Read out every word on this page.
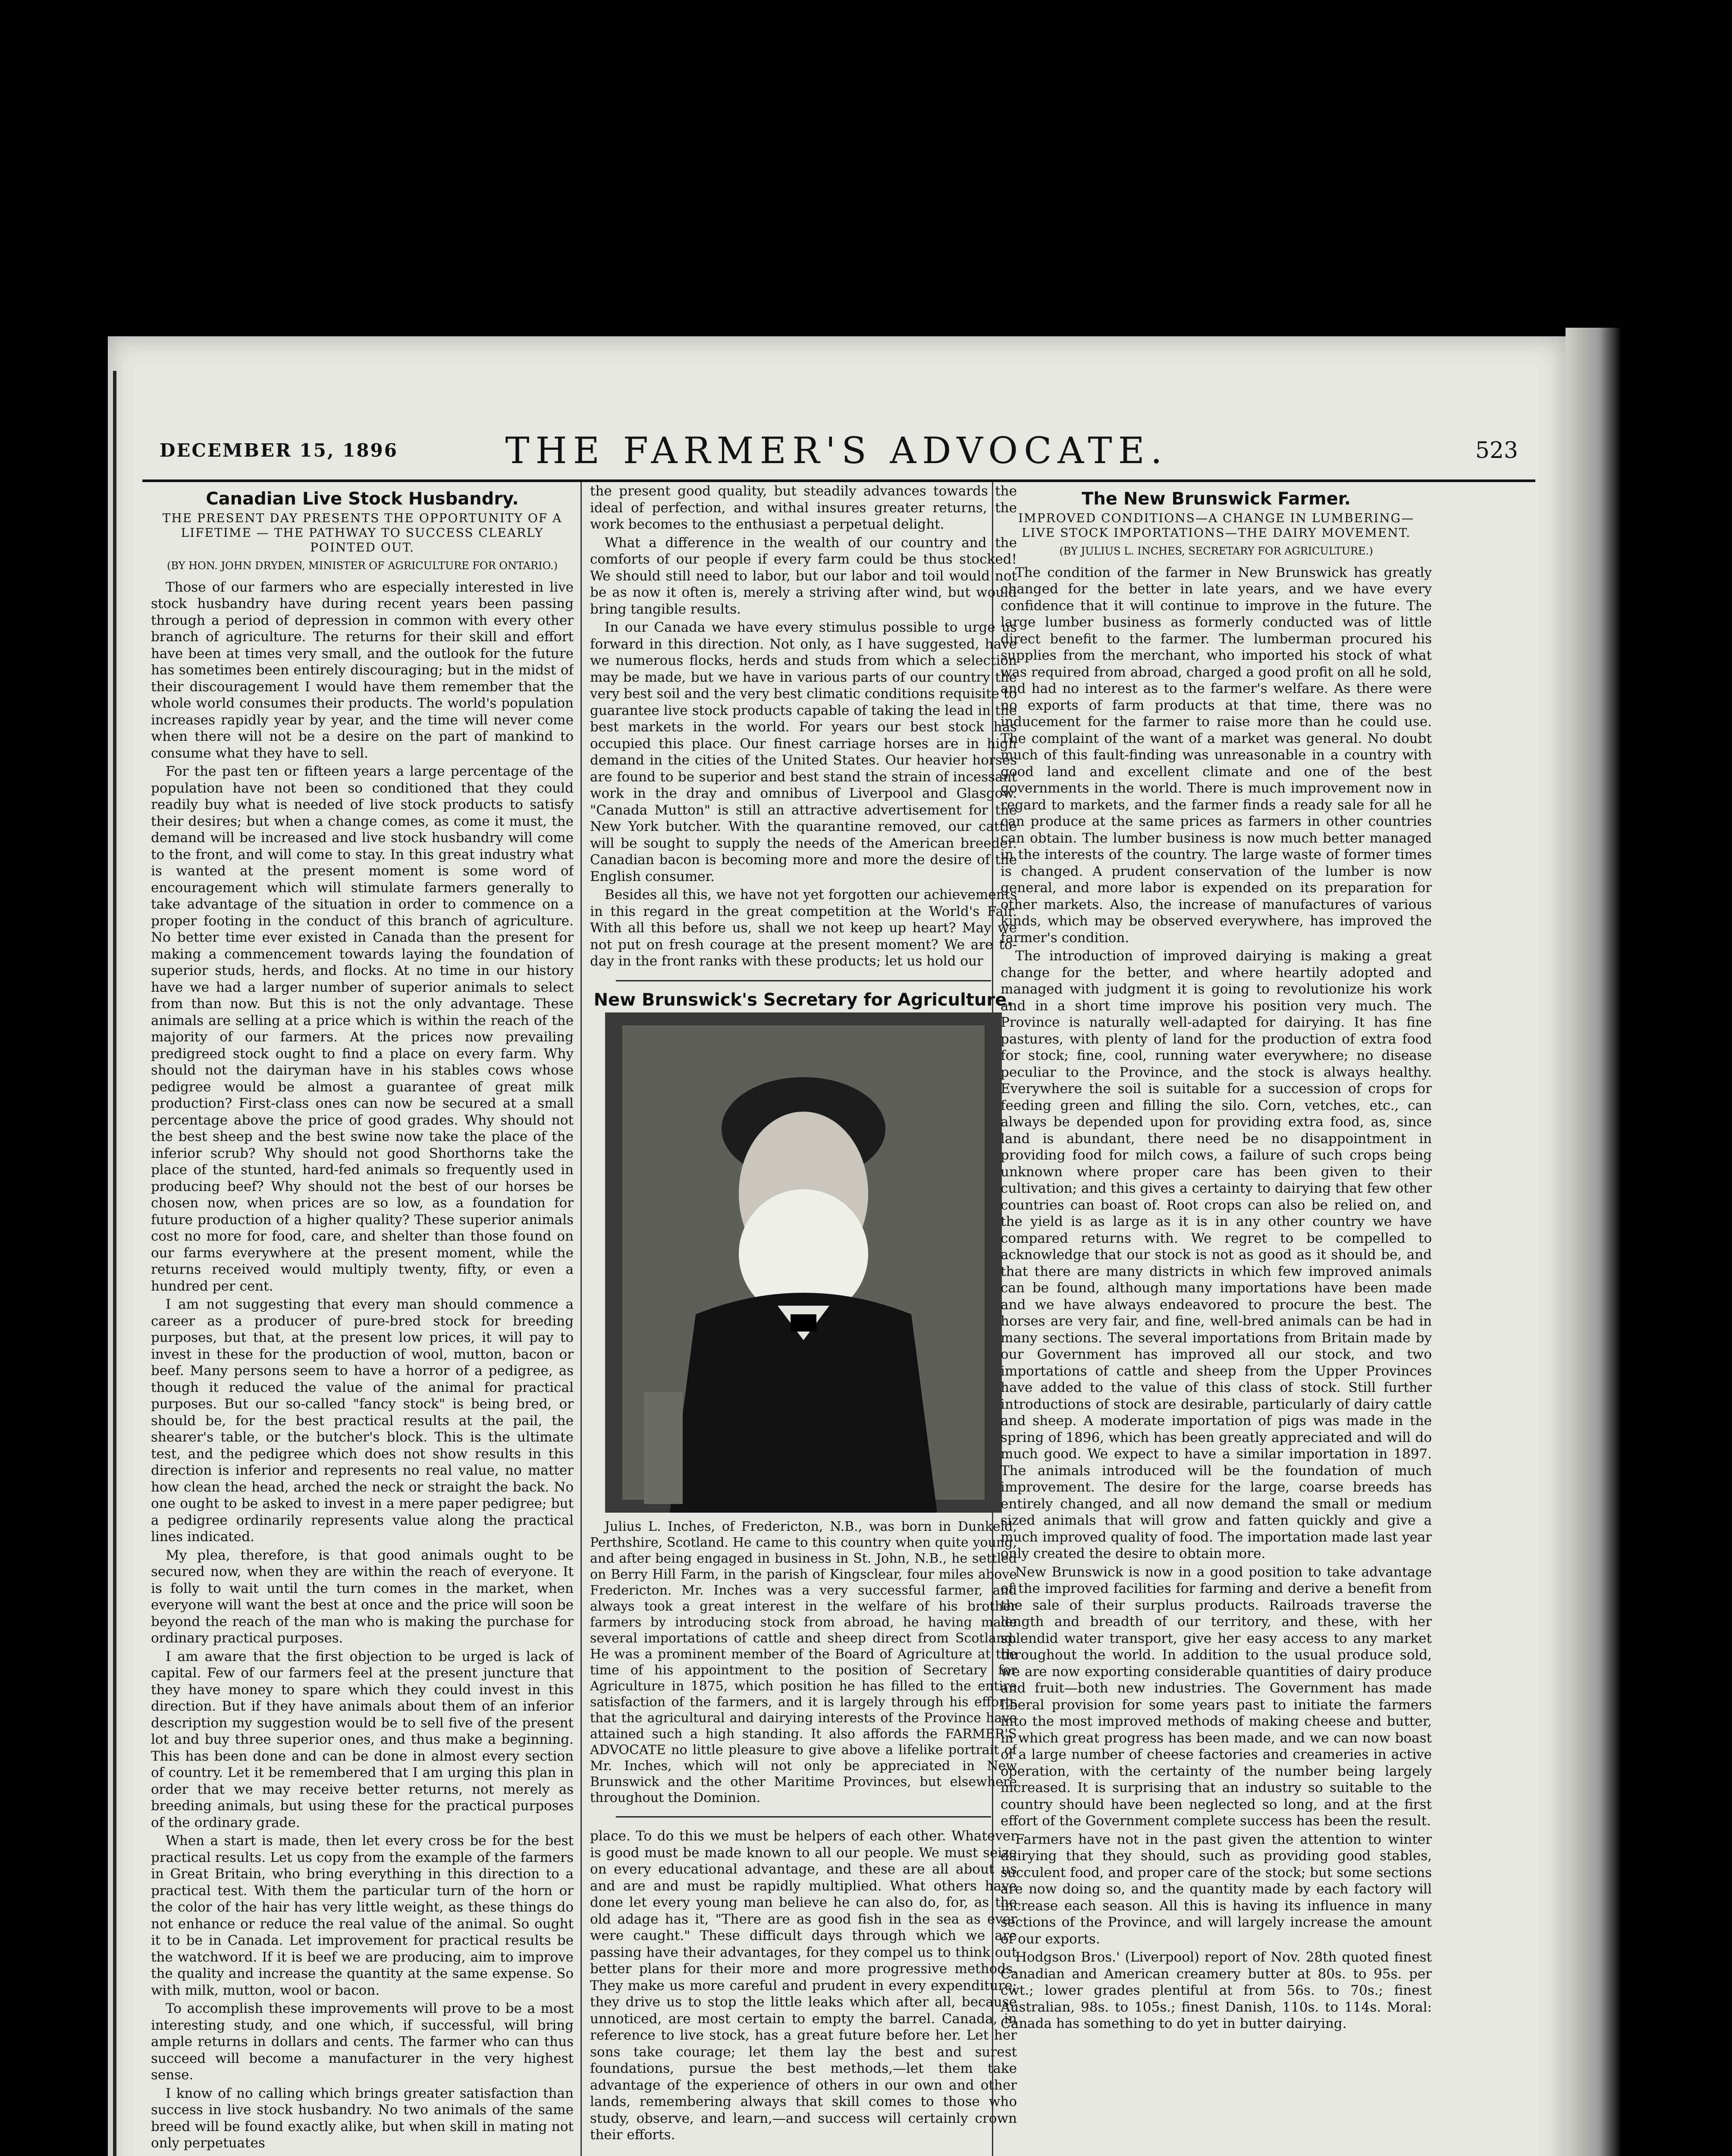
DECEMBER 15, 1896	THE FARMER'S ADVOCATE.	523
Canadian Live Stock Husbandry.
THE PRESENT DAY PRESENTS THE OPPORTUNITY OF A LIFETIME — THE PATHWAY TO SUCCESS CLEARLY POINTED OUT.
(BY HON. JOHN DRYDEN, MINISTER OF AGRICULTURE FOR ONTARIO.)

Those of our farmers who are especially interested in live stock husbandry have during recent years been passing through a period of depression in common with every other branch of agriculture. The returns for their skill and effort have been at times very small, and the outlook for the future has sometimes been entirely discouraging; but in the midst of their discouragement I would have them remember that the whole world consumes their products. The world's population increases rapidly year by year, and the time will never come when there will not be a desire on the part of mankind to consume what they have to sell.

For the past ten or fifteen years a large percentage of the population have not been so conditioned that they could readily buy what is needed of live stock products to satisfy their desires; but when a change comes, as come it must, the demand will be increased and live stock husbandry will come to the front, and will come to stay. In this great industry what is wanted at the present moment is some word of encouragement which will stimulate farmers generally to take advantage of the situation in order to commence on a proper footing in the conduct of this branch of agriculture. No better time ever existed in Canada than the present for making a commencement towards laying the foundation of superior studs, herds, and flocks. At no time in our history have we had a larger number of superior animals to select from than now. But this is not the only advantage. These animals are selling at a price which is within the reach of the majority of our farmers. At the prices now prevailing predigreed stock ought to find a place on every farm. Why should not the dairyman have in his stables cows whose pedigree would be almost a guarantee of great milk production? First-class ones can now be secured at a small percentage above the price of good grades. Why should not the best sheep and the best swine now take the place of the inferior scrub? Why should not good Shorthorns take the place of the stunted, hard-fed animals so frequently used in producing beef? Why should not the best of our horses be chosen now, when prices are so low, as a foundation for future production of a higher quality? These superior animals cost no more for food, care, and shelter than those found on our farms everywhere at the present moment, while the returns received would multiply twenty, fifty, or even a hundred per cent.

I am not suggesting that every man should commence a career as a producer of pure-bred stock for breeding purposes, but that, at the present low prices, it will pay to invest in these for the production of wool, mutton, bacon or beef. Many persons seem to have a horror of a pedigree, as though it reduced the value of the animal for practical purposes. But our so-called "fancy stock" is being bred, or should be, for the best practical results at the pail, the shearer's table, or the butcher's block. This is the ultimate test, and the pedigree which does not show results in this direction is inferior and represents no real value, no matter how clean the head, arched the neck or straight the back. No one ought to be asked to invest in a mere paper pedigree; but a pedigree ordinarily represents value along the practical lines indicated.

My plea, therefore, is that good animals ought to be secured now, when they are within the reach of everyone. It is folly to wait until the turn comes in the market, when everyone will want the best at once and the price will soon be beyond the reach of the man who is making the purchase for ordinary practical purposes.

I am aware that the first objection to be urged is lack of capital. Few of our farmers feel at the present juncture that they have money to spare which they could invest in this direction. But if they have animals about them of an inferior description my suggestion would be to sell five of the present lot and buy three superior ones, and thus make a beginning. This has been done and can be done in almost every section of country. Let it be remembered that I am urging this plan in order that we may receive better returns, not merely as breeding animals, but using these for the practical purposes of the ordinary grade.

When a start is made, then let every cross be for the best practical results. Let us copy from the example of the farmers in Great Britain, who bring everything in this direction to a practical test. With them the particular turn of the horn or the color of the hair has very little weight, as these things do not enhance or reduce the real value of the animal. So ought it to be in Canada. Let improvement for practical results be the watchword. If it is beef we are producing, aim to improve the quality and increase the quantity at the same expense. So with milk, mutton, wool or bacon.

To accomplish these improvements will prove to be a most interesting study, and one which, if successful, will bring ample returns in dollars and cents. The farmer who can thus succeed will become a manufacturer in the very highest sense.

I know of no calling which brings greater satisfaction than success in live stock husbandry. No two animals of the same breed will be found exactly alike, but when skill in mating not only perpetuates

the present good quality, but steadily advances towards the ideal of perfection, and withal insures greater returns, the work becomes to the enthusiast a perpetual delight.

What a difference in the wealth of our country and the comforts of our people if every farm could be thus stocked! We should still need to labor, but our labor and toil would not be as now it often is, merely a striving after wind, but would bring tangible results.

In our Canada we have every stimulus possible to urge us forward in this direction. Not only, as I have suggested, have we numerous flocks, herds and studs from which a selection may be made, but we have in various parts of our country the very best soil and the very best climatic conditions requisite to guarantee live stock products capable of taking the lead in the best markets in the world. For years our best stock has occupied this place. Our finest carriage horses are in high demand in the cities of the United States. Our heavier horses are found to be superior and best stand the strain of incessant work in the dray and omnibus of Liverpool and Glasgow. "Canada Mutton" is still an attractive advertisement for the New York butcher. With the quarantine removed, our cattle will be sought to supply the needs of the American breeder. Canadian bacon is becoming more and more the desire of the English consumer.

Besides all this, we have not yet forgotten our achievements in this regard in the great competition at the World's Fair. With all this before us, shall we not keep up heart? May we not put on fresh courage at the present moment? We are to-day in the front ranks with these products; let us hold our

New Brunswick's Secretary for Agriculture.
Julius L. Inches, of Fredericton, N.B., was born in Dunkeld, Perthshire, Scotland. He came to this country when quite young, and after being engaged in business in St. John, N.B., he settled on Berry Hill Farm, in the parish of Kingsclear, four miles above Fredericton. Mr. Inches was a very successful farmer, and always took a great interest in the welfare of his brother farmers by introducing stock from abroad, he having made several importations of cattle and sheep direct from Scotland. He was a prominent member of the Board of Agriculture at the time of his appointment to the position of Secretary for Agriculture in 1875, which position he has filled to the entire satisfaction of the farmers, and it is largely through his efforts that the agricultural and dairying interests of the Province have attained such a high standing. It also affords the FARMER'S ADVOCATE no little pleasure to give above a lifelike portrait of Mr. Inches, which will not only be appreciated in New Brunswick and the other Maritime Provinces, but elsewhere throughout the Dominion.

place. To do this we must be helpers of each other. Whatever is good must be made known to all our people. We must seize on every educational advantage, and these are all about us and are and must be rapidly multiplied. What others have done let every young man believe he can also do, for, as the old adage has it, "There are as good fish in the sea as ever were caught." These difficult days through which we are passing have their advantages, for they compel us to think out better plans for their more and more progressive methods. They make us more careful and prudent in every expenditure; they drive us to stop the little leaks which after all, because unnoticed, are most certain to empty the barrel. Canada, in reference to live stock, has a great future before her. Let her sons take courage; let them lay the best and surest foundations, pursue the best methods,—let them take advantage of the experience of others in our own and other lands, remembering always that skill comes to those who study, observe, and learn,—and success will certainly crown their efforts.

The New Brunswick Farmer.
IMPROVED CONDITIONS—A CHANGE IN LUMBERING—LIVE STOCK IMPORTATIONS—THE DAIRY MOVEMENT.
(BY JULIUS L. INCHES, SECRETARY FOR AGRICULTURE.)

The condition of the farmer in New Brunswick has greatly changed for the better in late years, and we have every confidence that it will continue to improve in the future. The large lumber business as formerly conducted was of little direct benefit to the farmer. The lumberman procured his supplies from the merchant, who imported his stock of what was required from abroad, charged a good profit on all he sold, and had no interest as to the farmer's welfare. As there were no exports of farm products at that time, there was no inducement for the farmer to raise more than he could use. The complaint of the want of a market was general. No doubt much of this fault-finding was unreasonable in a country with good land and excellent climate and one of the best governments in the world. There is much improvement now in regard to markets, and the farmer finds a ready sale for all he can produce at the same prices as farmers in other countries can obtain. The lumber business is now much better managed in the interests of the country. The large waste of former times is changed. A prudent conservation of the lumber is now general, and more labor is expended on its preparation for other markets. Also, the increase of manufactures of various kinds, which may be observed everywhere, has improved the farmer's condition.

The introduction of improved dairying is making a great change for the better, and where heartily adopted and managed with judgment it is going to revolutionize his work and in a short time improve his position very much. The Province is naturally well-adapted for dairying. It has fine pastures, with plenty of land for the production of extra food for stock; fine, cool, running water everywhere; no disease peculiar to the Province, and the stock is always healthy. Everywhere the soil is suitable for a succession of crops for feeding green and filling the silo. Corn, vetches, etc., can always be depended upon for providing extra food, as, since land is abundant, there need be no disappointment in providing food for milch cows, a failure of such crops being unknown where proper care has been given to their cultivation; and this gives a certainty to dairying that few other countries can boast of. Root crops can also be relied on, and the yield is as large as it is in any other country we have compared returns with. We regret to be compelled to acknowledge that our stock is not as good as it should be, and that there are many districts in which few improved animals can be found, although many importations have been made and we have always endeavored to procure the best. The horses are very fair, and fine, well-bred animals can be had in many sections. The several importations from Britain made by our Government has improved all our stock, and two importations of cattle and sheep from the Upper Provinces have added to the value of this class of stock. Still further introductions of stock are desirable, particularly of dairy cattle and sheep. A moderate importation of pigs was made in the spring of 1896, which has been greatly appreciated and will do much good. We expect to have a similar importation in 1897. The animals introduced will be the foundation of much improvement. The desire for the large, coarse breeds has entirely changed, and all now demand the small or medium sized animals that will grow and fatten quickly and give a much improved quality of food. The importation made last year only created the desire to obtain more.

New Brunswick is now in a good position to take advantage of the improved facilities for farming and derive a benefit from the sale of their surplus products. Railroads traverse the length and breadth of our territory, and these, with her splendid water transport, give her easy access to any market throughout the world. In addition to the usual produce sold, we are now exporting considerable quantities of dairy produce and fruit—both new industries. The Government has made liberal provision for some years past to initiate the farmers into the most improved methods of making cheese and butter, in which great progress has been made, and we can now boast of a large number of cheese factories and creameries in active operation, with the certainty of the number being largely increased. It is surprising that an industry so suitable to the country should have been neglected so long, and at the first effort of the Government complete success has been the result.

Farmers have not in the past given the attention to winter dairying that they should, such as providing good stables, succulent food, and proper care of the stock; but some sections are now doing so, and the quantity made by each factory will increase each season. All this is having its influence in many sections of the Province, and will largely increase the amount of our exports.

Hodgson Bros.' (Liverpool) report of Nov. 28th quoted finest Canadian and American creamery butter at 80s. to 95s. per cwt.; lower grades plentiful at from 56s. to 70s.; finest Australian, 98s. to 105s.; finest Danish, 110s. to 114s. Moral: Canada has something to do yet in butter dairying.
